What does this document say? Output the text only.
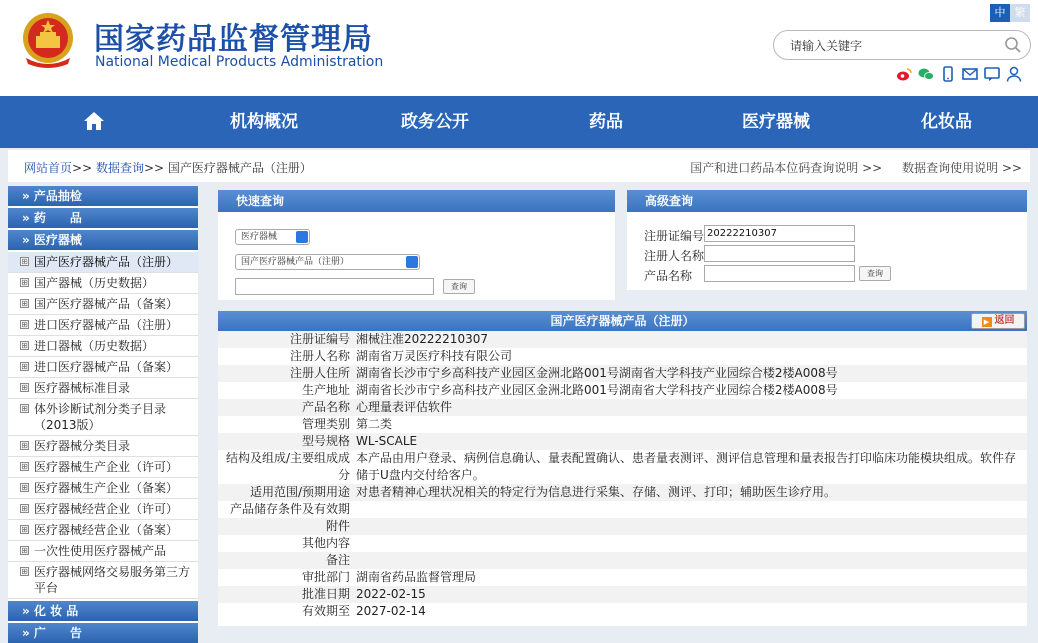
国家药品监督管理局
National Medical Products Administration
中 繁
请输入关键字
机构概况	政务公开	药品	医疗器械	化妆品
网站首页>> 数据查询>> 国产医疗器械产品（注册）	国产和进口药品本位码查询说明 >> 数据查询使用说明 >>
» 产品抽检
» 药　　品
» 医疗器械
⊞ 国产医疗器械产品（注册）
⊞ 国产器械（历史数据）
⊞ 国产医疗器械产品（备案）
⊞ 进口医疗器械产品（注册）
⊞ 进口器械（历史数据）
⊞ 进口医疗器械产品（备案）
⊞ 医疗器械标准目录
⊞ 体外诊断试剂分类子目录（2013版）
⊞ 医疗器械分类目录
⊞ 医疗器械生产企业（许可）
⊞ 医疗器械生产企业（备案）
⊞ 医疗器械经营企业（许可）
⊞ 医疗器械经营企业（备案）
⊞ 一次性使用医疗器械产品
⊞ 医疗器械网络交易服务第三方平台
» 化 妆 品
» 广　　告
快速查询
医疗器械
国产医疗器械产品（注册）
查询
高级查询
注册证编号 20222210307
注册人名称
产品名称	查询
国产医疗器械产品（注册）	▶ 返回
注册证编号 湘械注准20222210307
注册人名称 湖南省万灵医疗科技有限公司
注册人住所 湖南省长沙市宁乡高科技产业园区金洲北路001号湖南省大学科技产业园综合楼2楼A008号
生产地址 湖南省长沙市宁乡高科技产业园区金洲北路001号湖南省大学科技产业园综合楼2楼A008号
产品名称 心理量表评估软件
管理类别 第二类
型号规格 WL-SCALE
结构及组成/主要组成成分
本产品由用户登录、病例信息确认、量表配置确认、患者量表测评、测评信息管理和量表报告打印临床功能模块组成。软件存储于U盘内交付给客户。
适用范围/预期用途 对患者精神心理状况相关的特定行为信息进行采集、存储、测评、打印；辅助医生诊疗用。
产品储存条件及有效期
附件
其他内容
备注
审批部门 湖南省药品监督管理局
批准日期 2022-02-15
有效期至 2027-02-14
